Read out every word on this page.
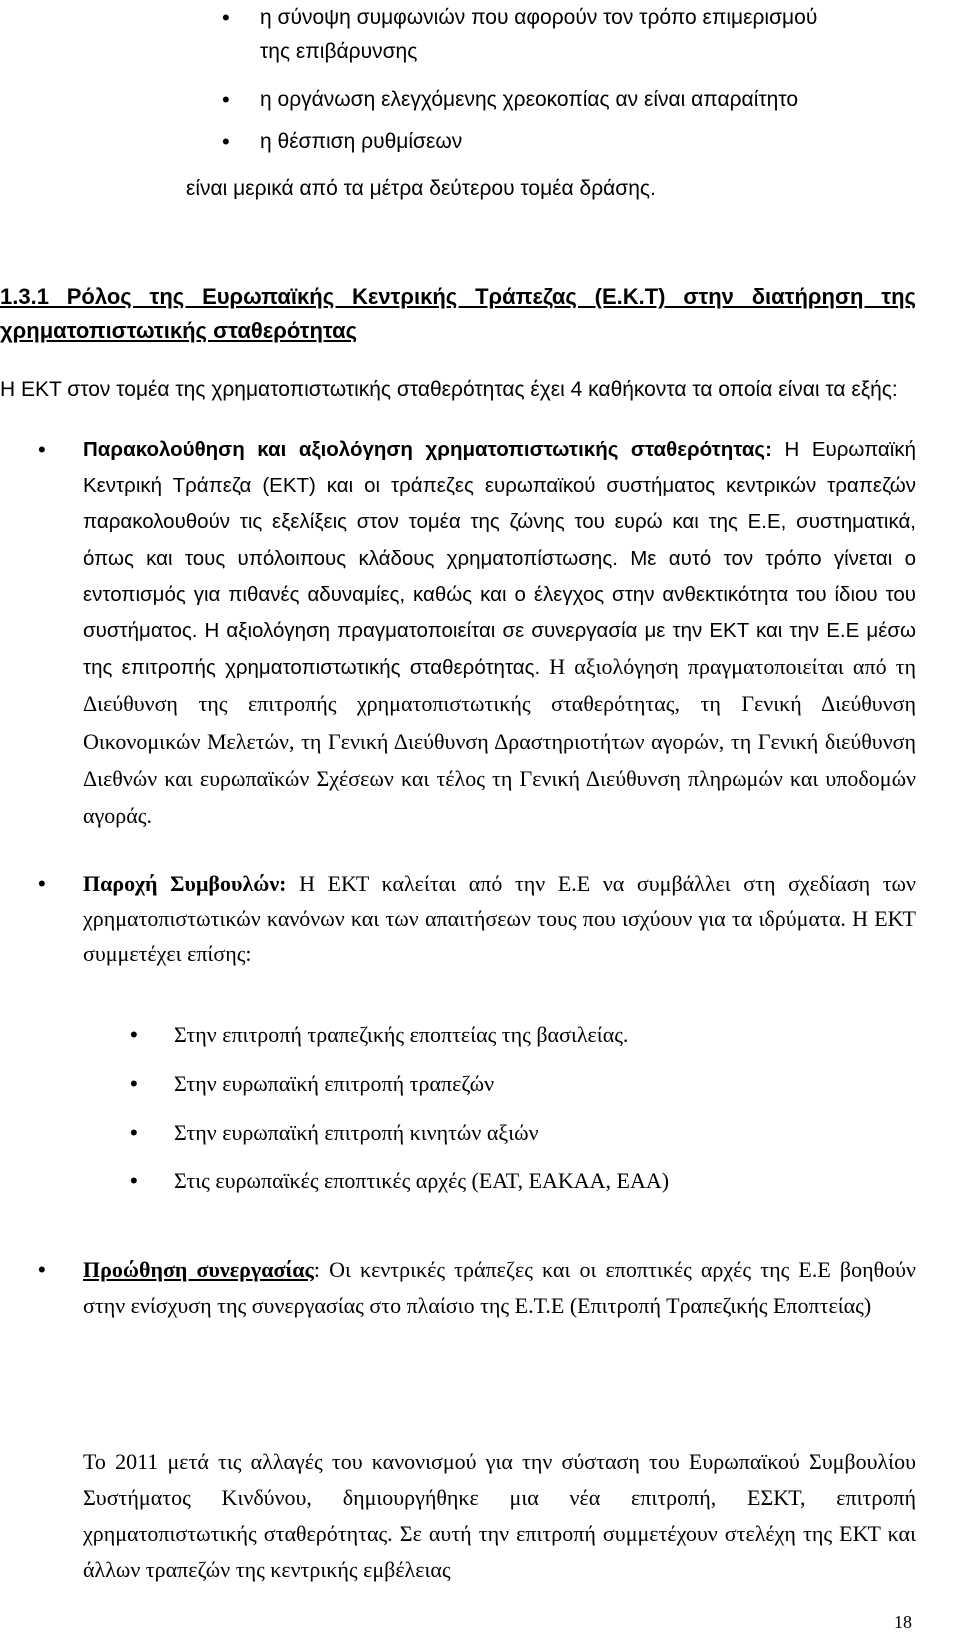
• η σύνοψη συμφωνιών που αφορούν τον τρόπο επιμερισμού
της επιβάρυνσης
• η οργάνωση ελεγχόμενης χρεοκοπίας αν είναι απαραίτητο
• η θέσπιση ρυθμίσεων
είναι μερικά από τα μέτρα δεύτερου τομέα δράσης.
1.3.1 Ρόλος της Ευρωπαϊκής Κεντρικής Τράπεζας (Ε.Κ.Τ) στην διατήρηση της
χρηματοπιστωτικής σταθερότητας
Η ΕΚΤ στον τομέα της χρηματοπιστωτικής σταθερότητας έχει 4 καθήκοντα τα οποία είναι τα εξής:
• Παρακολούθηση και αξιολόγηση χρηματοπιστωτικής σταθερότητας: Η Ευρωπαϊκή Κεντρική Τράπεζα (ΕΚΤ) και οι τράπεζες ευρωπαϊκού συστήματος κεντρικών τραπεζών παρακολουθούν τις εξελίξεις στον τομέα της ζώνης του ευρώ και της Ε.Ε, συστηματικά, όπως και τους υπόλοιπους κλάδους χρηματοπίστωσης. Με αυτό τον τρόπο γίνεται ο εντοπισμός για πιθανές αδυναμίες, καθώς και ο έλεγχος στην ανθεκτικότητα του ίδιου του συστήματος. Η αξιολόγηση πραγματοποιείται σε συνεργασία με την ΕΚΤ και την Ε.Ε μέσω της επιτροπής χρηματοπιστωτικής σταθερότητας. Η αξιολόγηση πραγματοποιείται από τη Διεύθυνση της επιτροπής χρηματοπιστωτικής σταθερότητας, τη Γενική Διεύθυνση Οικονομικών Μελετών, τη Γενική Διεύθυνση Δραστηριοτήτων αγορών, τη Γενική διεύθυνση Διεθνών και ευρωπαϊκών Σχέσεων και τέλος τη Γενική Διεύθυνση πληρωμών και υποδομών αγοράς.
• Παροχή Συμβουλών: Η ΕΚΤ καλείται από την Ε.Ε να συμβάλλει στη σχεδίαση των χρηματοπιστωτικών κανόνων και των απαιτήσεων τους που ισχύουν για τα ιδρύματα. Η ΕΚΤ συμμετέχει επίσης:
• Στην επιτροπή τραπεζικής εποπτείας της βασιλείας.
• Στην ευρωπαϊκή επιτροπή τραπεζών
• Στην ευρωπαϊκή επιτροπή κινητών αξιών
• Στις ευρωπαϊκές εποπτικές αρχές (ΕΑΤ, ΕΑΚΑΑ, ΕΑΑ)
• Προώθηση συνεργασίας: Οι κεντρικές τράπεζες και οι εποπτικές αρχές της Ε.Ε βοηθούν στην ενίσχυση της συνεργασίας στο πλαίσιο της Ε.Τ.Ε (Επιτροπή Τραπεζικής Εποπτείας)
Το 2011 μετά τις αλλαγές του κανονισμού για την σύσταση του Ευρωπαϊκού Συμβουλίου Συστήματος Κινδύνου, δημιουργήθηκε μια νέα επιτροπή, ΕΣΚΤ, επιτροπή χρηματοπιστωτικής σταθερότητας. Σε αυτή την επιτροπή συμμετέχουν στελέχη της ΕΚΤ και άλλων τραπεζών της κεντρικής εμβέλειας
18
